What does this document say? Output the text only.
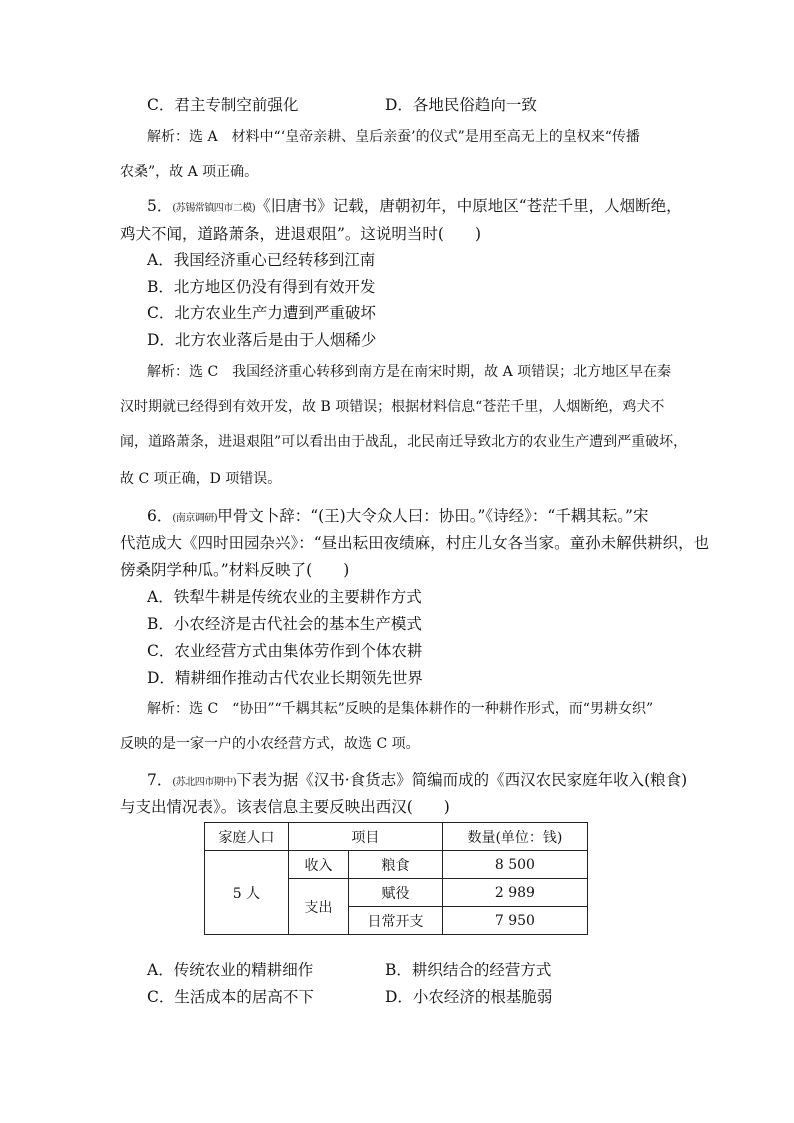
C．君主专制空前强化	D．各地民俗趋向一致
解析：选 A　材料中“‘皇帝亲耕、皇后亲蚕’的仪式”是用至高无上的皇权来“传播
农桑”，故 A 项正确。
5．(苏锡常镇四市二模)《旧唐书》记载，唐朝初年，中原地区“苍茫千里，人烟断绝，
鸡犬不闻，道路萧条，进退艰阻”。这说明当时(　　)
A．我国经济重心已经转移到江南
B．北方地区仍没有得到有效开发
C．北方农业生产力遭到严重破坏
D．北方农业落后是由于人烟稀少
解析：选 C　我国经济重心转移到南方是在南宋时期，故 A 项错误；北方地区早在秦
汉时期就已经得到有效开发，故 B 项错误；根据材料信息“苍茫千里，人烟断绝，鸡犬不
闻，道路萧条，进退艰阻”可以看出由于战乱，北民南迁导致北方的农业生产遭到严重破坏，
故 C 项正确，D 项错误。
6．(南京调研)甲骨文卜辞：“(王)大令众人曰：协田。”《诗经》：“千耦其耘。”宋
代范成大《四时田园杂兴》：“昼出耘田夜绩麻，村庄儿女各当家。童孙未解供耕织，也
傍桑阴学种瓜。”材料反映了(　　)
A．铁犁牛耕是传统农业的主要耕作方式
B．小农经济是古代社会的基本生产模式
C．农业经营方式由集体劳作到个体农耕
D．精耕细作推动古代农业长期领先世界
解析：选 C　“协田”“千耦其耘”反映的是集体耕作的一种耕作形式，而“男耕女织”
反映的是一家一户的小农经营方式，故选 C 项。
7．(苏北四市期中)下表为据《汉书·食货志》简编而成的《西汉农民家庭年收入(粮食)
与支出情况表》。该表信息主要反映出西汉(　　)
家庭人口	项目		数量(单位：钱)
5 人	收入	粮食	8 500
	支出	赋役	2 989
		日常开支	7 950
A．传统农业的精耕细作	B．耕织结合的经营方式
C．生活成本的居高不下	D．小农经济的根基脆弱
